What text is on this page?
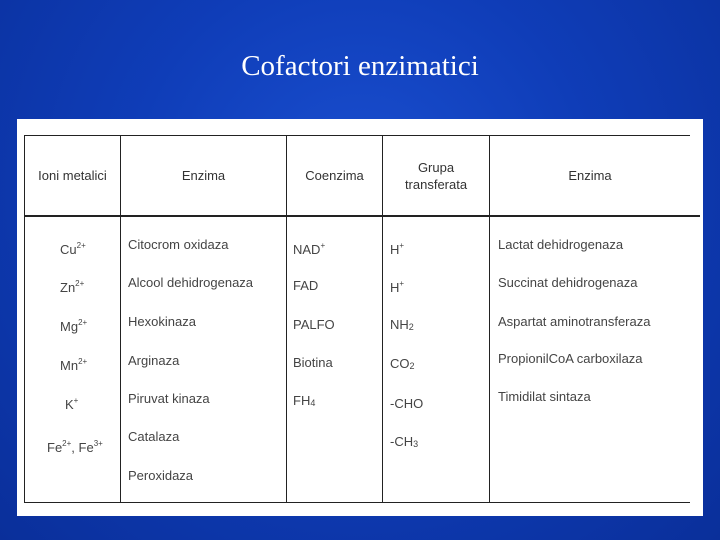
Cofactori enzimatici
Ioni metalici	Enzima	Coenzima
Grupa transferata
Enzima
$Cu^{2+}$
$Zn^{2+}$
$Mg^{2+}$
$Mn^{2+}$
K+
$Fe^{2+}$, $Fe^{3+}$
Citocrom oxidaza
Alcool dehidrogenaza
Hexokinaza
Arginaza
Piruvat kinaza
Catalaza
Peroxidaza
NAD+
FAD
PALFO
Biotina
$FH_4$
H+
H+
$NH_2$
$CO_2$
-CHO
$-CH_3$
Lactat dehidrogenaza
Succinat dehidrogenaza
Aspartat aminotransferaza
PropionilCoA carboxilaza
Timidilat sintaza
